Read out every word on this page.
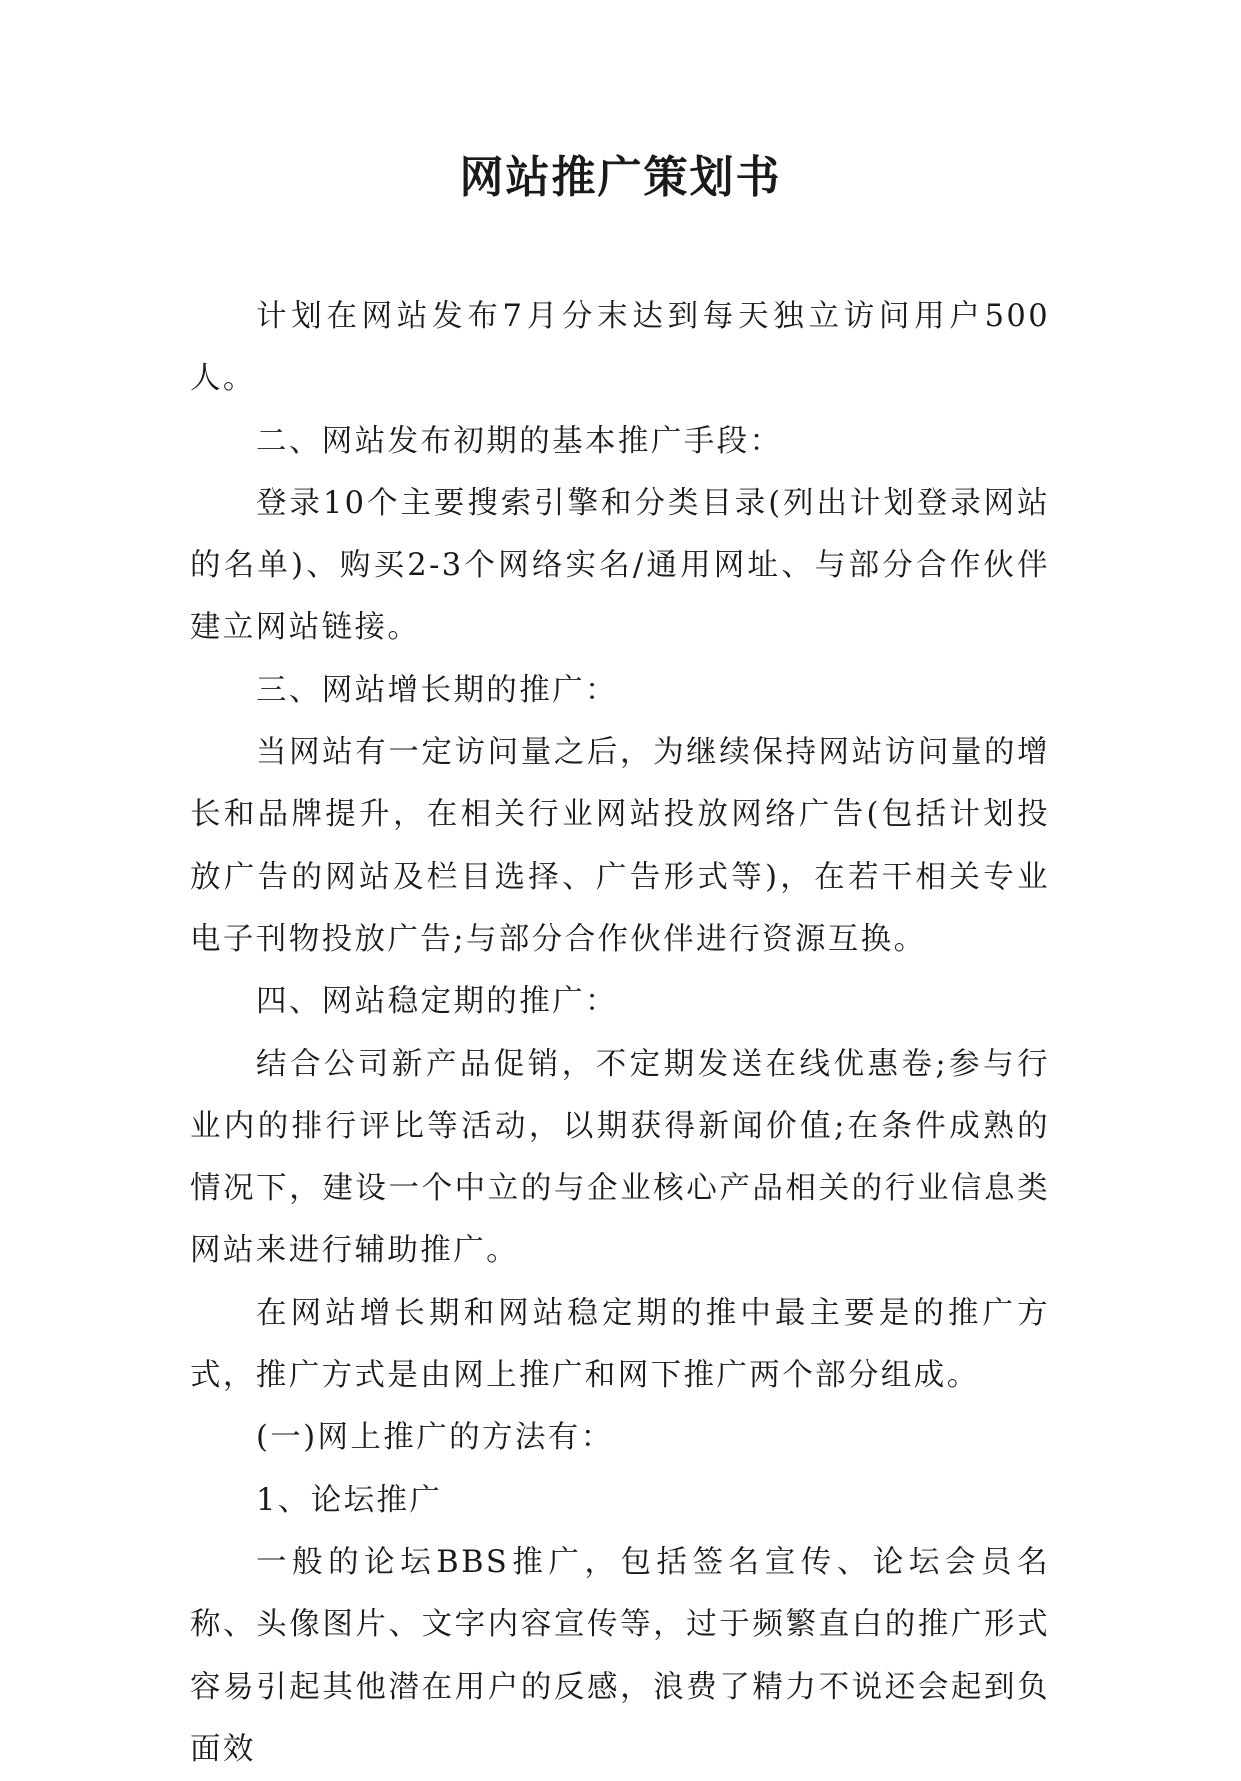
网站推广策划书

计划在网站发布7月分末达到每天独立访问用户500人。

二、网站发布初期的基本推广手段：

登录10个主要搜索引擎和分类目录(列出计划登录网站的名单)、购买2-3个网络实名/通用网址、与部分合作伙伴建立网站链接。

三、网站增长期的推广：

当网站有一定访问量之后，为继续保持网站访问量的增长和品牌提升，在相关行业网站投放网络广告(包括计划投放广告的网站及栏目选择、广告形式等)，在若干相关专业电子刊物投放广告;与部分合作伙伴进行资源互换。

四、网站稳定期的推广：

结合公司新产品促销，不定期发送在线优惠卷;参与行业内的排行评比等活动，以期获得新闻价值;在条件成熟的情况下，建设一个中立的与企业核心产品相关的行业信息类网站来进行辅助推广。

在网站增长期和网站稳定期的推中最主要是的推广方式，推广方式是由网上推广和网下推广两个部分组成。

(一)网上推广的方法有：

1、论坛推广

一般的论坛BBS推广，包括签名宣传、论坛会员名称、头像图片、文字内容宣传等，过于频繁直白的推广形式容易引起其他潜在用户的反感，浪费了精力不说还会起到负面效
